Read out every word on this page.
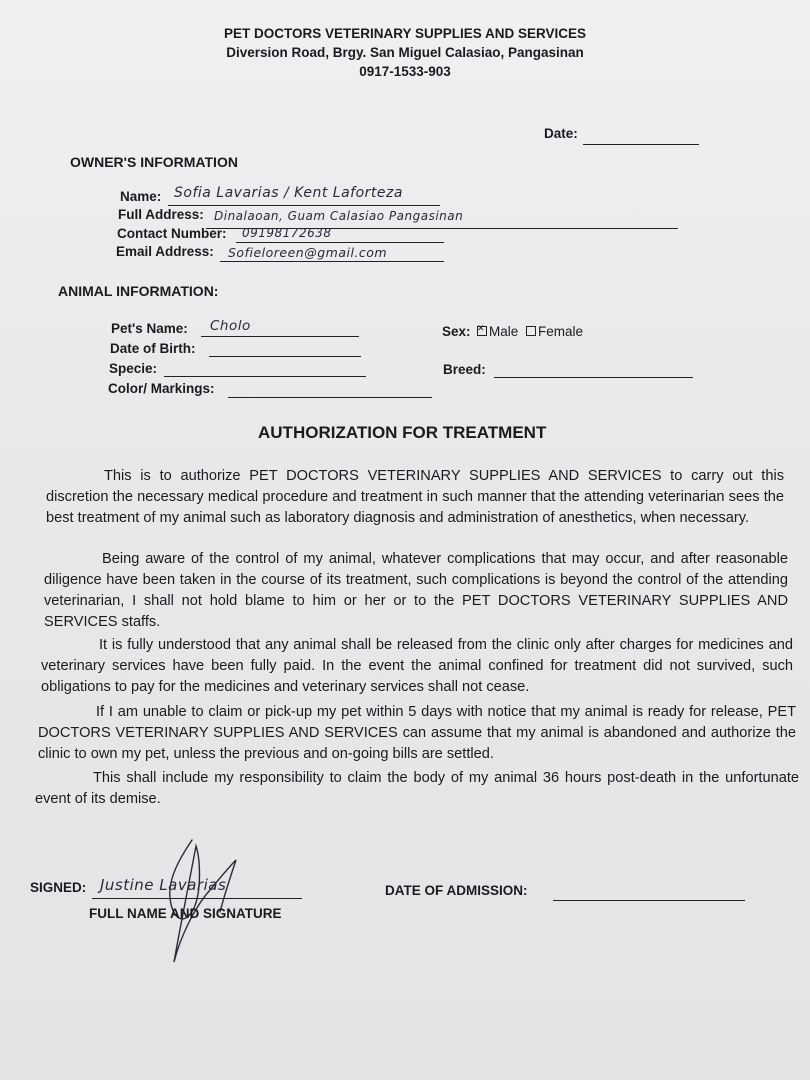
PET DOCTORS VETERINARY SUPPLIES AND SERVICES
Diversion Road, Brgy. San Miguel Calasiao, Pangasinan
0917-1533-903
Date:
OWNER'S INFORMATION
Name: Sofia Lavarias / Kent Laforteza
Full Address: Dinalaoan, Guam Calasiao Pangasinan
Contact Number: 09198172638
Email Address: Sofieloreen@gmail.com
ANIMAL INFORMATION:
Pet's Name: Cholo
Date of Birth:
Specie:
Color/ Markings:
Sex:
✕	Male Female
Breed:
AUTHORIZATION FOR TREATMENT

This is to authorize PET DOCTORS VETERINARY SUPPLIES AND SERVICES to carry out this discretion the necessary medical procedure and treatment in such manner that the attending veterinarian sees the best treatment of my animal such as laboratory diagnosis and administration of anesthetics, when necessary.

Being aware of the control of my animal, whatever complications that may occur, and after reasonable diligence have been taken in the course of its treatment, such complications is beyond the control of the attending veterinarian, I shall not hold blame to him or her or to the PET DOCTORS VETERINARY SUPPLIES AND SERVICES staffs.

It is fully understood that any animal shall be released from the clinic only after charges for medicines and veterinary services have been fully paid. In the event the animal confined for treatment did not survived, such obligations to pay for the medicines and veterinary services shall not cease.

If I am unable to claim or pick-up my pet within 5 days with notice that my animal is ready for release, PET DOCTORS VETERINARY SUPPLIES AND SERVICES can assume that my animal is abandoned and authorize the clinic to own my pet, unless the previous and on-going bills are settled.

This shall include my responsibility to claim the body of my animal 36 hours post-death in the unfortunate event of its demise.

SIGNED: Justine Lavarias
FULL NAME AND SIGNATURE
DATE OF ADMISSION:
